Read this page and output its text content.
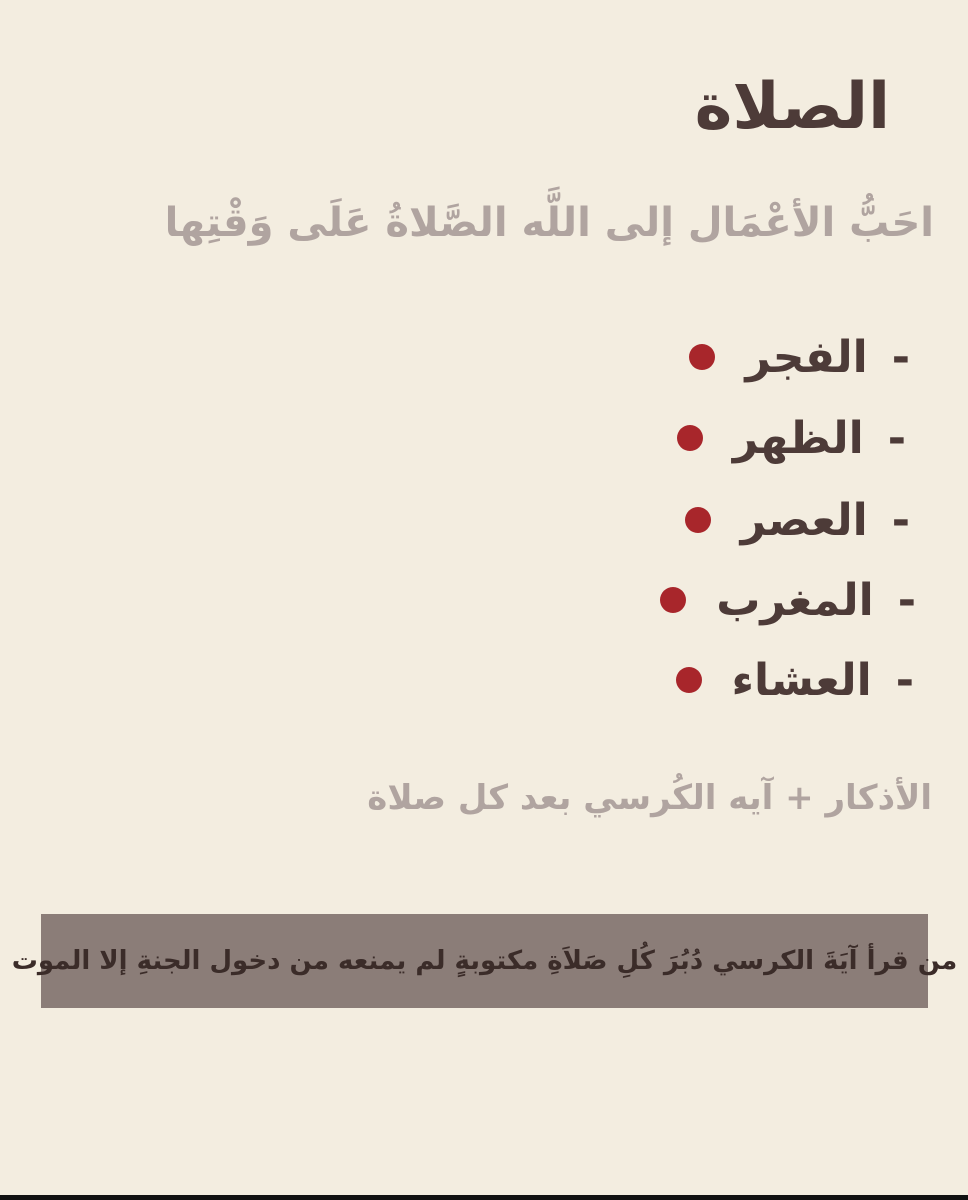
الصلاة
احَبُّ الأعْمَال إلى اللَّه الصَّلاةُ عَلَى وَقْتِها
-
الفجر
-
الظهر
-
العصر
-
المغرب
-
العشاء
الأذكار + آيه الكُرسي بعد كل صلاة
من قرأ آيَةَ الكرسي دُبُرَ كُلِ صَلاَةِ مكتوبةٍ لم يمنعه من دخول الجنةِ إلا الموت
